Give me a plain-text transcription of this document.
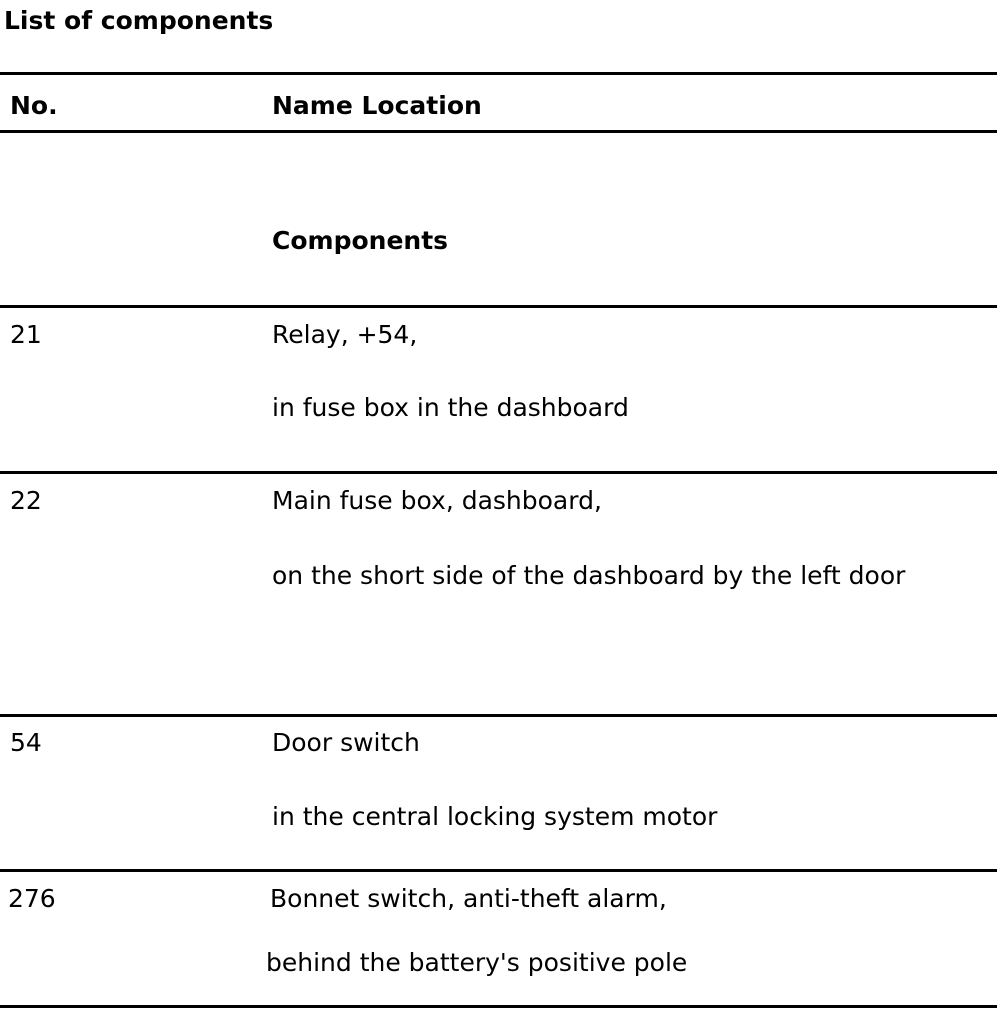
List of components
No.	Name Location
Components
21	Relay, +54,
in fuse box in the dashboard
22	Main fuse box, dashboard,
on the short side of the dashboard by the left door
54	Door switch
in the central locking system motor
276	Bonnet switch, anti-theft alarm,
behind the battery's positive pole
